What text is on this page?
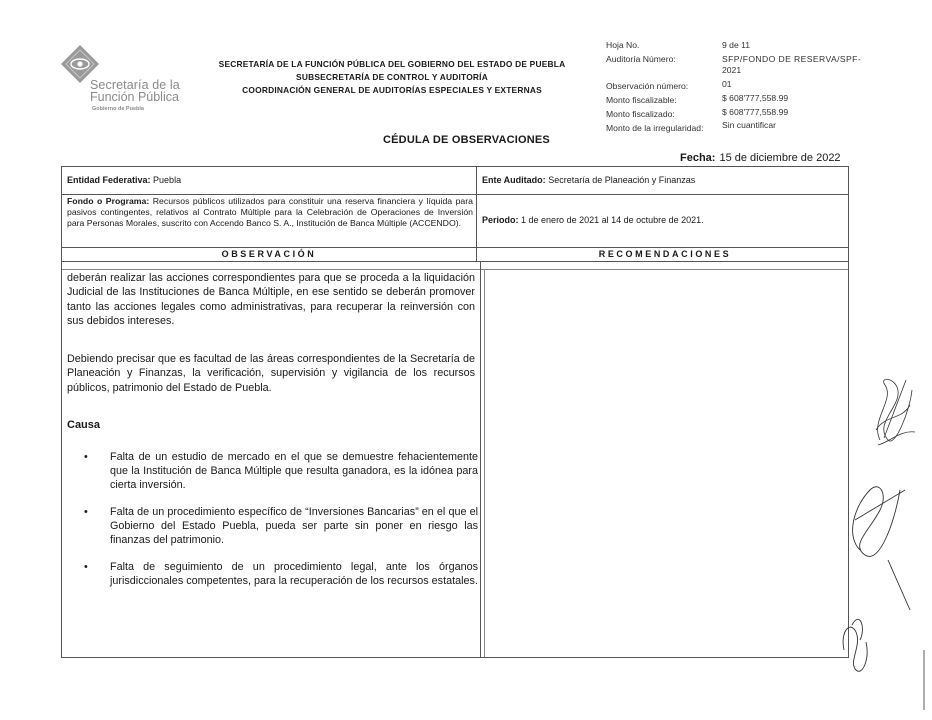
Secretaría de la
Función Pública
Gobierno de Puebla
SECRETARÍA DE LA FUNCIÓN PÚBLICA DEL GOBIERNO DEL ESTADO DE PUEBLA
SUBSECRETARÍA DE CONTROL Y AUDITORÍA
COORDINACIÓN GENERAL DE AUDITORÍAS ESPECIALES Y EXTERNAS
Hoja No.	9 de 11
Auditoría Número:	SFP/FONDO DE RESERVA/SPF-
2021
Observación número:	01
Monto fiscalizable:	$ 608'777,558.99
Monto fiscalizado:	$ 608'777,558.99
Monto de la irregularidad: Sin cuantificar
CÉDULA DE OBSERVACIONES
Fecha: 15 de diciembre de 2022
Entidad Federativa: Puebla	Ente Auditado: Secretaría de Planeación y Finanzas
Fondo o Programa: Recursos públicos utilizados para constituir una reserva financiera y líquida para pasivos contingentes, relativos al Contrato Múltiple para la Celebración de Operaciones de Inversión para Personas Morales, suscrito con Accendo Banco S. A., Institución de Banca Múltiple (ACCENDO).	Periodo: 1 de enero de 2021 al 14 de octubre de 2021.
OBSERVACIÓN	RECOMENDACIONES
deberán realizar las acciones correspondientes para que se proceda a la liquidación Judicial de las Instituciones de Banca Múltiple, en ese sentido se deberán promover tanto las acciones legales como administrativas, para recuperar la reinversión con sus debidos intereses.
Debiendo precisar que es facultad de las áreas correspondientes de la Secretaría de Planeación y Finanzas, la verificación, supervisión y vigilancia de los recursos públicos, patrimonio del Estado de Puebla.
Causa
• Falta de un estudio de mercado en el que se demuestre fehacientemente que la Institución de Banca Múltiple que resulta ganadora, es la idónea para cierta inversión.
• Falta de un procedimiento específico de “Inversiones Bancarias” en el que el Gobierno del Estado Puebla, pueda ser parte sin poner en riesgo las finanzas del patrimonio.
• Falta de seguimiento de un procedimiento legal, ante los órganos jurisdiccionales competentes, para la recuperación de los recursos estatales.
